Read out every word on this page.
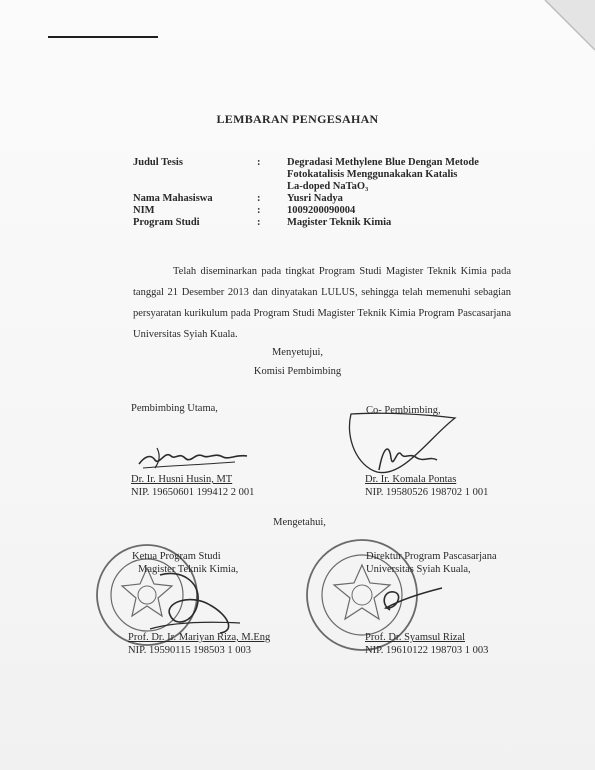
LEMBARAN PENGESAHAN
Judul Tesis	:	Degradasi Methylene Blue Dengan Metode
Fotokatalisis Menggunakakan Katalis
La-doped NaTaO₃
Nama Mahasiswa	:	Yusri Nadya
NIM	:	1009200090004
Program Studi	:	Magister Teknik Kimia
Telah diseminarkan pada tingkat Program Studi Magister Teknik Kimia pada tanggal 21 Desember 2013 dan dinyatakan LULUS, sehingga telah memenuhi sebagian persyaratan kurikulum pada Program Studi Magister Teknik Kimia Program Pascasarjana Universitas Syiah Kuala.
Menyetujui,
Komisi Pembimbing
Pembimbing Utama,	Co- Pembimbing,
Dr. Ir. Husni Husin, MT
NIP. 19650601 199412 2 001
Dr. Ir. Komala Pontas
NIP. 19580526 198702 1 001
Mengetahui,
Ketua Program Studi
Magister Teknik Kimia,
Direktur Program Pascasarjana
Universitas Syiah Kuala,
Prof. Dr. Ir. Mariyan Riza, M.Eng
NIP. 19590115 198503 1 003
Prof. Dr. Syamsul Rizal
NIP. 19610122 198703 1 003
